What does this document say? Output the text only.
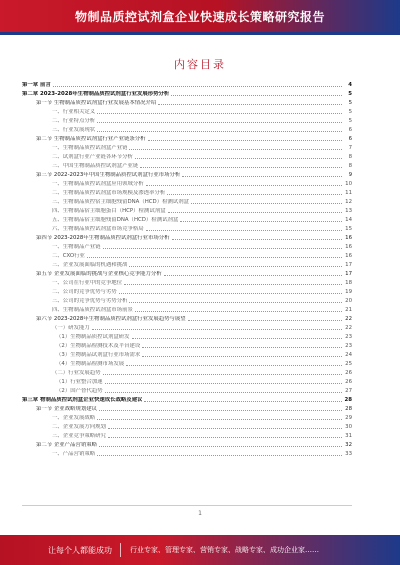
物制品质控试剂盒企业快速成长策略研究报告
内容目录
第一章 前言	4
第二章 2023-2028年生物制品质控试剂盒行业发展形势分析	5
第一节 生物制品质控试剂盒行业发展基本情况介绍	5
一、行业相关定义	5
二、行业特点分析	5
三、行业发展现状	6
第二节 生物制品质控试剂盒行业产业链条分析	6
一、生物制品质控试剂盒产业链	7
二、试剂盒行业产业链各环节分析	8
三、中国生物制品质控试剂盒产业链	8
第三节 2022-2023年中国生物制品质控试剂盒行业市场分析	9
一、生物制品质控试剂盒应用领域分析	10
二、生物制品质控试剂盒市场规模及渗透率分析	11
三、生物制品质控宿主细胞残留DNA（HCD）检测试剂盒	12
四、生物制品宿主细胞蛋白（HCP）检测试剂盒	13
五、生物制品宿主细胞残留DNA（HCD）检测试剂盒	14
六、生物制品质控试剂盒市场竞争格局	15
第四节 2023-2028年生物制品质控试剂盒行业市场分析	16
一、生物制品产业链	16
二、CXO行业	16
三、企业发展面临的机遇和挑战	17
第五节 企业发展面临的挑战与企业核心竞争能力分析	17
一、公司在行业中的竞争地位	18
二、公司的竞争优势与劣势	19
三、公司的竞争优势与劣势分析	20
四、生物制品质控试剂盒市场前景	21
第六节 2023-2028年生物制品质控试剂盒行业发展趋势与展望	22
（一）研发能力	22
（1）生物制品质控试剂盒研发	23
（2）生物制品检测技术及平台建设	23
（3）生物制品试剂盒行业市场需求	24
（4）生物制品检测市场发展	25
（二）行业发展趋势	26
（1）行业整合加速	26
（2）国产替代趋势	27
第三章 物制品质控试剂盒企业快速成长战略及建议	28
第一节 企业战略规划建议	28
一、企业发展战略	29
二、企业发展方向规划	30
三、企业竞争策略研究	31
第二节 企业产品营销策略	32
一、产品营销策略	33
1
让每个人都能成功	行业专家、管理专家、营销专家、战略专家、成功企业家……
